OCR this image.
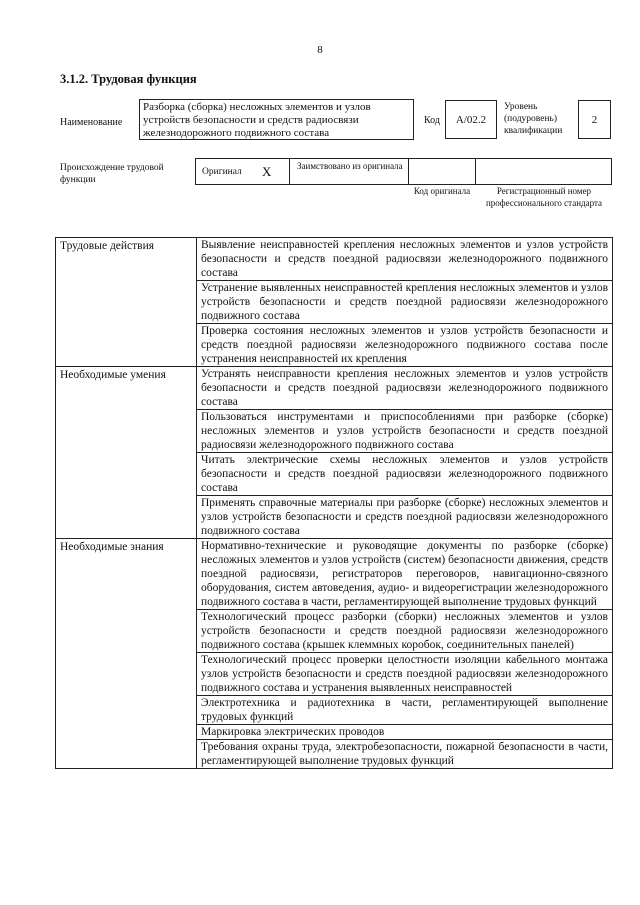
8
3.1.2. Трудовая функция
Наименование
Разборка (сборка) несложных элементов и узлов устройств безопасности и средств радиосвязи железнодорожного подвижного состава
Код	A/02.2
Уровень (подуровень) квалификации
2
Происхождение трудовой функции
Оригинал X	Заимствовано из оригинала
Код оригинала	Регистрационный номер профессионального стандарта
Трудовые действия	Выявление неисправностей крепления несложных элементов и узлов устройств безопасности и средств поездной радиосвязи железнодорожного подвижного состава
	Устранение выявленных неисправностей крепления несложных элементов и узлов устройств безопасности и средств поездной радиосвязи железнодорожного подвижного состава
	Проверка состояния несложных элементов и узлов устройств безопасности и средств поездной радиосвязи железнодорожного подвижного состава после устранения неисправностей их крепления
Необходимые умения	Устранять неисправности крепления несложных элементов и узлов устройств безопасности и средств поездной радиосвязи железнодорожного подвижного состава
	Пользоваться инструментами и приспособлениями при разборке (сборке) несложных элементов и узлов устройств безопасности и средств поездной радиосвязи железнодорожного подвижного состава
	Читать электрические схемы несложных элементов и узлов устройств безопасности и средств поездной радиосвязи железнодорожного подвижного состава
	Применять справочные материалы при разборке (сборке) несложных элементов и узлов устройств безопасности и средств поездной радиосвязи железнодорожного подвижного состава
Необходимые знания	Нормативно-технические и руководящие документы по разборке (сборке) несложных элементов и узлов устройств (систем) безопасности движения, средств поездной радиосвязи, регистраторов переговоров, навигационно-связного оборудования, систем автоведения, аудио- и видеорегистрации железнодорожного подвижного состава в части, регламентирующей выполнение трудовых функций
	Технологический процесс разборки (сборки) несложных элементов и узлов устройств безопасности и средств поездной радиосвязи железнодорожного подвижного состава (крышек клеммных коробок, соединительных панелей)
	Технологический процесс проверки целостности изоляции кабельного монтажа узлов устройств безопасности и средств поездной радиосвязи железнодорожного подвижного состава и устранения выявленных неисправностей
	Электротехника и радиотехника в части, регламентирующей выполнение трудовых функций
	Маркировка электрических проводов
	Требования охраны труда, электробезопасности, пожарной безопасности в части, регламентирующей выполнение трудовых функций
